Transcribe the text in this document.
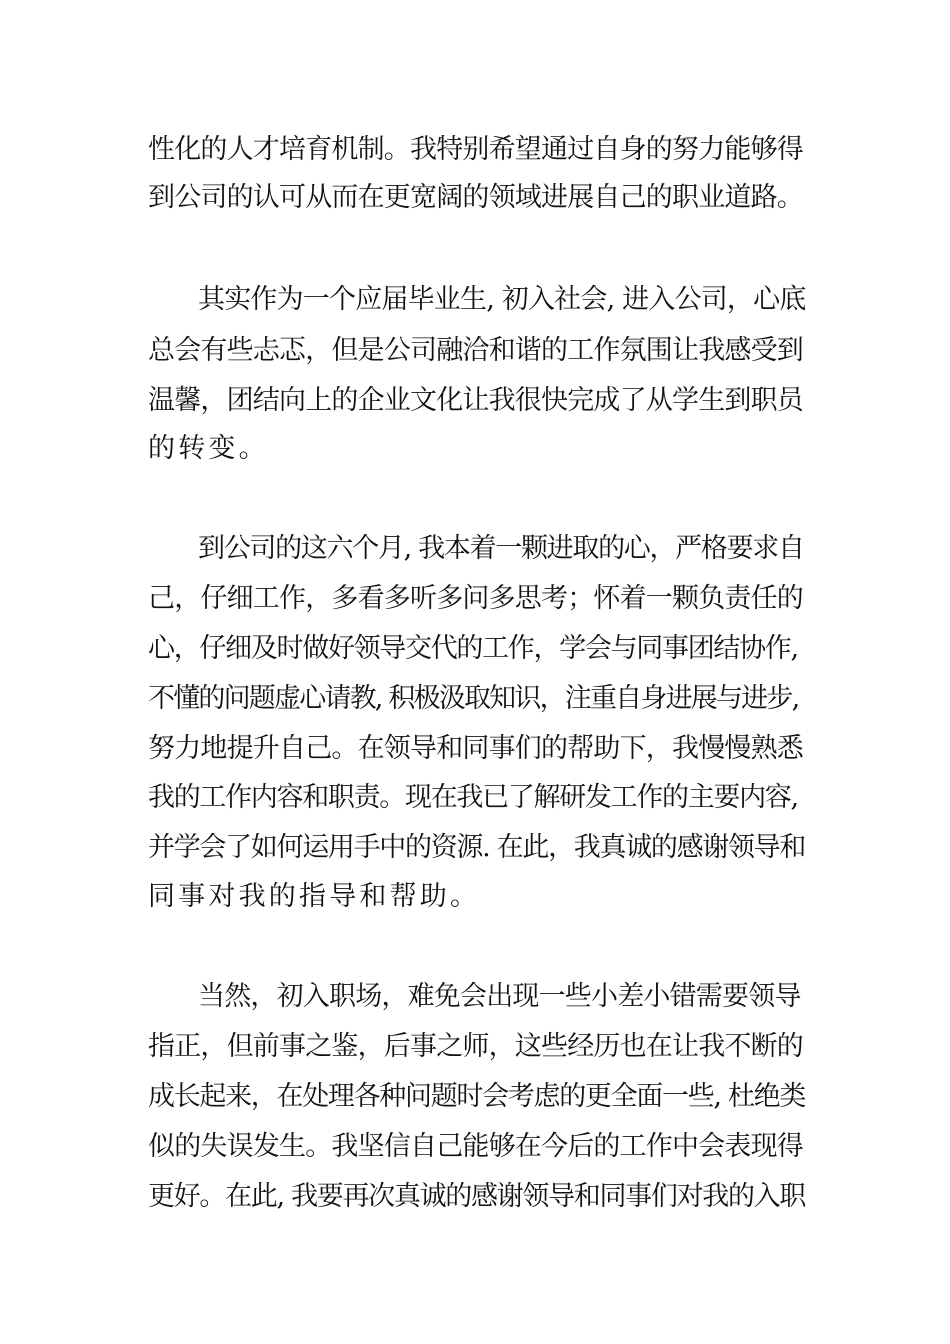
性化的人才培育机制。我特别希望通过自身的努力能够得
到公司的认可从而在更宽阔的领域进展自己的职业道路。
其实作为一个应届毕业生, 初入社会, 进入公司，心底
总会有些忐忑，但是公司融洽和谐的工作氛围让我感受到
温馨，团结向上的企业文化让我很快完成了从学生到职员
的转变。
到公司的这六个月, 我本着一颗进取的心，严格要求自
己，仔细工作，多看多听多问多思考；怀着一颗负责任的
心，仔细及时做好领导交代的工作，学会与同事团结协作,
不懂的问题虚心请教, 积极汲取知识，注重自身进展与进步,
努力地提升自己。在领导和同事们的帮助下，我慢慢熟悉
我的工作内容和职责。现在我已了解研发工作的主要内容,
并学会了如何运用手中的资源. 在此，我真诚的感谢领导和
同事对我的指导和帮助。
当然，初入职场，难免会出现一些小差小错需要领导
指正，但前事之鉴，后事之师，这些经历也在让我不断的
成长起来，在处理各种问题时会考虑的更全面一些, 杜绝类
似的失误发生。我坚信自己能够在今后的工作中会表现得
更好。在此, 我要再次真诚的感谢领导和同事们对我的入职
